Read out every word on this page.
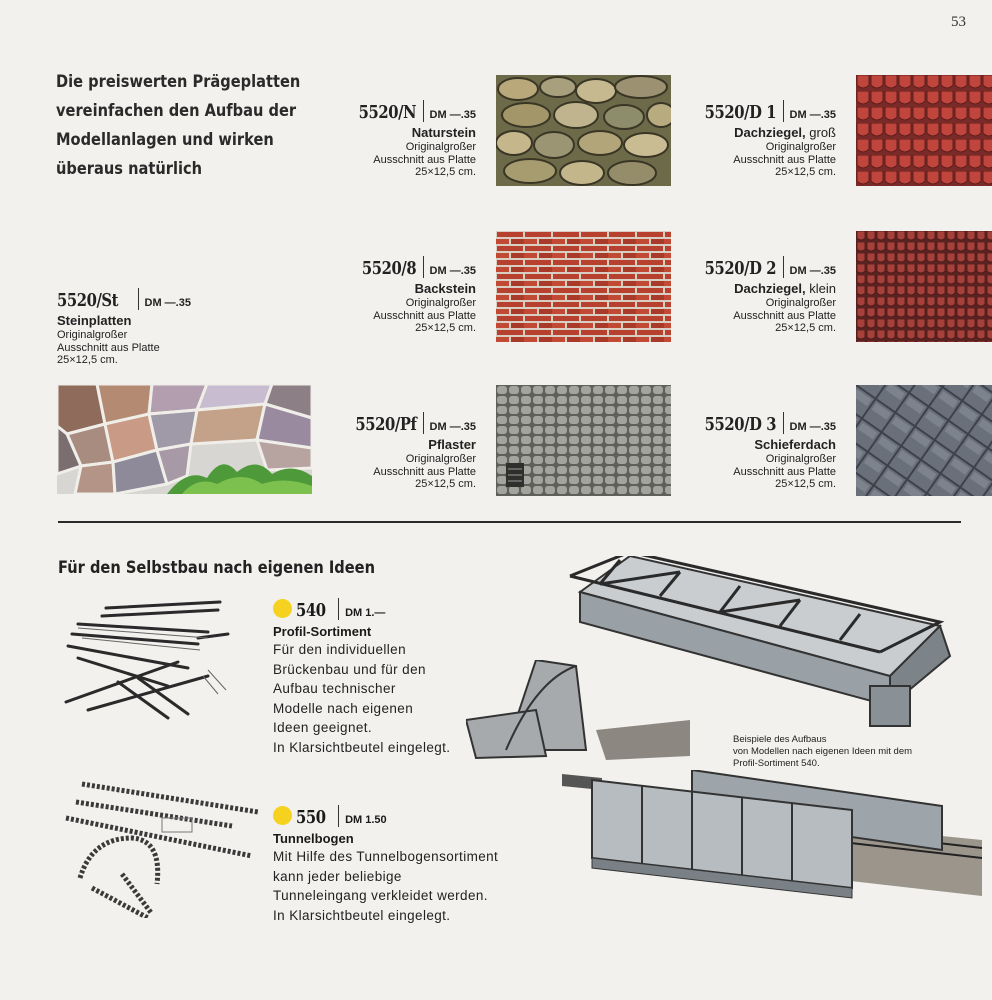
53
Die preiswerten Prägeplatten vereinfachen den Aufbau der Modellanlagen und wirken überaus natürlich
5520/N DM —.35
Naturstein
Originalgroßer
Ausschnitt aus Platte
25×12,5 cm.
5520/D 1 DM —.35
Dachziegel, groß
Originalgroßer
Ausschnitt aus Platte
25×12,5 cm.
5520/8 DM —.35
Backstein
Originalgroßer
Ausschnitt aus Platte
25×12,5 cm.
5520/D 2 DM —.35
Dachziegel, klein
Originalgroßer
Ausschnitt aus Platte
25×12,5 cm.
5520/Pf DM —.35
Pflaster
Originalgroßer
Ausschnitt aus Platte
25×12,5 cm.
5520/D 3 DM —.35
Schieferdach
Originalgroßer
Ausschnitt aus Platte
25×12,5 cm.
5520/St DM —.35
Steinplatten
Originalgroßer
Ausschnitt aus Platte
25×12,5 cm.
Für den Selbstbau nach eigenen Ideen
540 DM 1.—
Profil-Sortiment
Für den individuellen
Brückenbau und für den
Aufbau technischer
Modelle nach eigenen
Ideen geeignet.
In Klarsichtbeutel eingelegt.
550 DM 1.50
Tunnelbogen
Mit Hilfe des Tunnelbogensortiment
kann jeder beliebige
Tunneleingang verkleidet werden.
In Klarsichtbeutel eingelegt.
Beispiele des Aufbaus
von Modellen nach eigenen Ideen mit dem
Profil-Sortiment 540.
